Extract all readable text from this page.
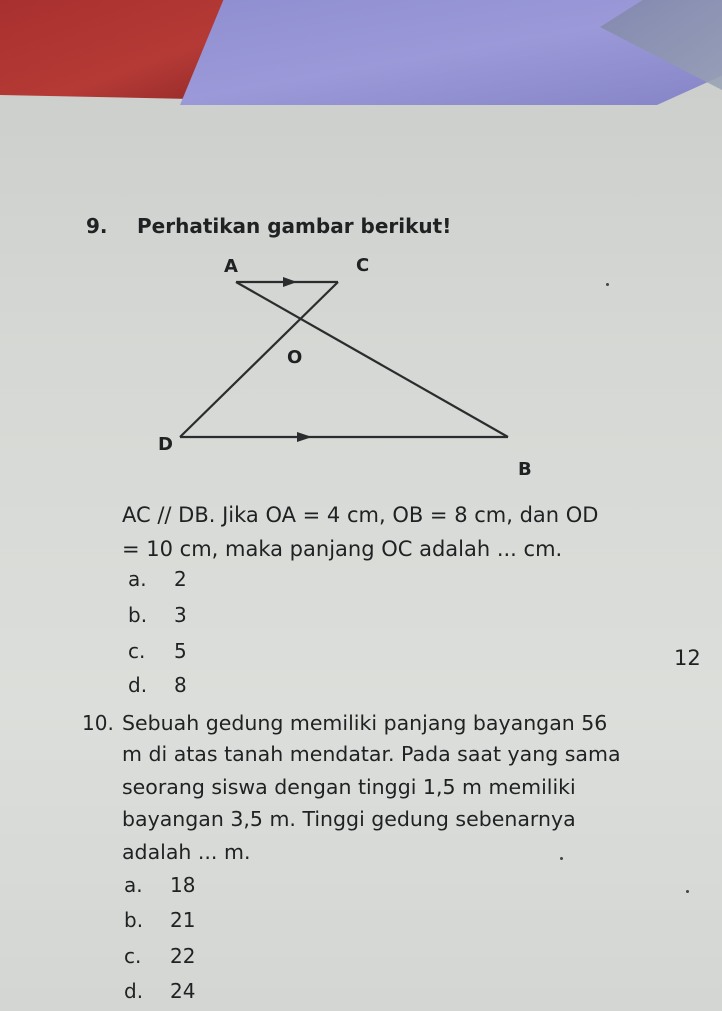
9. Perhatikan gambar berikut!
A	C
O
D
B
AC // DB. Jika OA = 4 cm, OB = 8 cm, dan OD
= 10 cm, maka panjang OC adalah ... cm.
a. 2
b. 3
c. 5
d. 8
12
10. Sebuah gedung memiliki panjang bayangan 56
m di atas tanah mendatar. Pada saat yang sama
seorang siswa dengan tinggi 1,5 m memiliki
bayangan 3,5 m. Tinggi gedung sebenarnya
adalah ... m.
a. 18
b. 21
c. 22
d. 24
